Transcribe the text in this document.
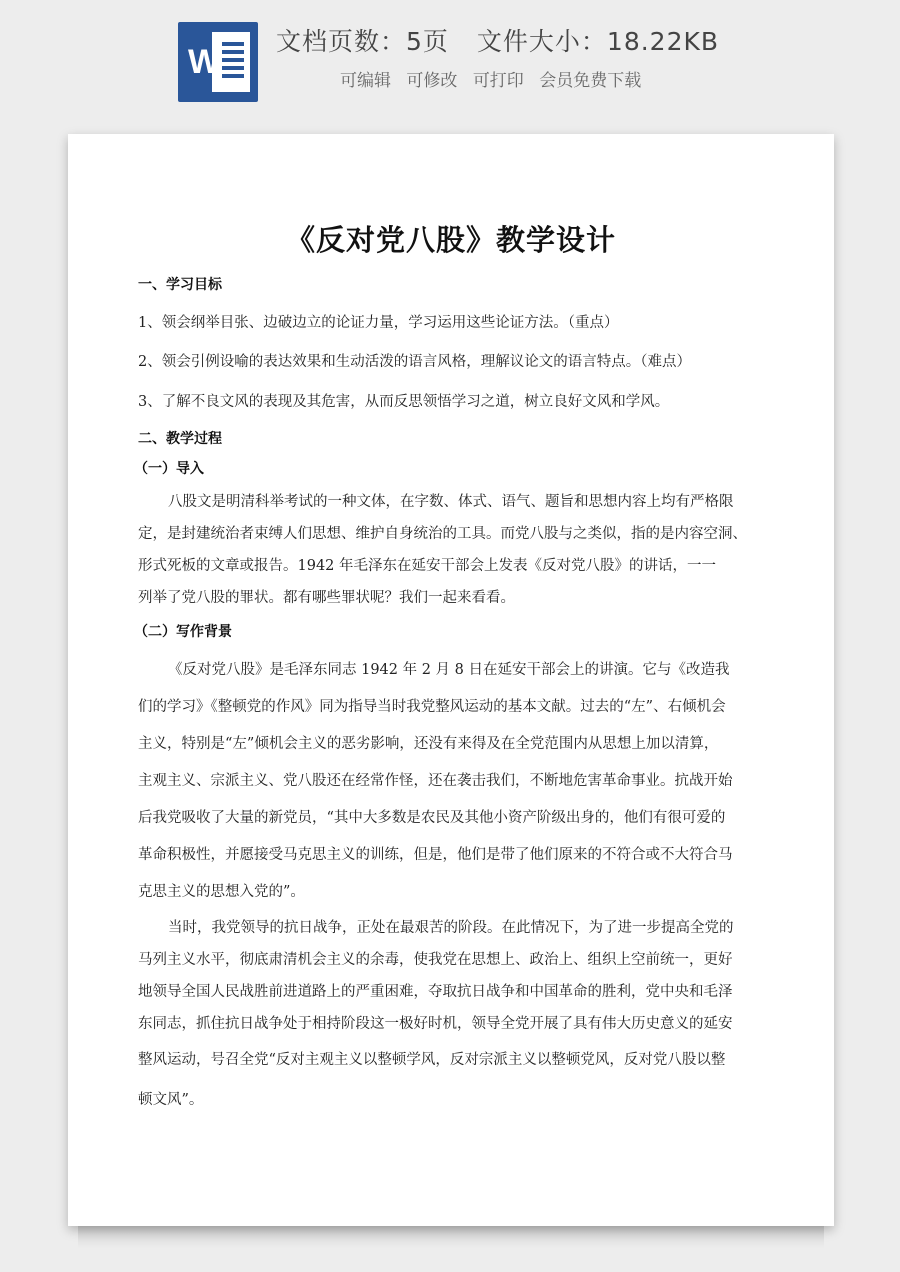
W
文档页数：5页 文件大小：18.22KB
可编辑 可修改 可打印 会员免费下载
《反对党八股》教学设计
一、学习目标
1、领会纲举目张、边破边立的论证力量，学习运用这些论证方法。（重点）
2、领会引例设喻的表达效果和生动活泼的语言风格，理解议论文的语言特点。（难点）
3、了解不良文风的表现及其危害，从而反思领悟学习之道，树立良好文风和学风。
二、教学过程
（一）导入
八股文是明清科举考试的一种文体，在字数、体式、语气、题旨和思想内容上均有严格限
定，是封建统治者束缚人们思想、维护自身统治的工具。而党八股与之类似，指的是内容空洞、
形式死板的文章或报告。1942 年毛泽东在延安干部会上发表《反对党八股》的讲话，一一
列举了党八股的罪状。都有哪些罪状呢？我们一起来看看。
（二）写作背景
《反对党八股》是毛泽东同志 1942 年 2 月 8 日在延安干部会上的讲演。它与《改造我
们的学习》《整顿党的作风》同为指导当时我党整风运动的基本文献。过去的“左”、右倾机会
主义，特别是“左”倾机会主义的恶劣影响，还没有来得及在全党范围内从思想上加以清算，
主观主义、宗派主义、党八股还在经常作怪，还在袭击我们，不断地危害革命事业。抗战开始
后我党吸收了大量的新党员，“其中大多数是农民及其他小资产阶级出身的，他们有很可爱的
革命积极性，并愿接受马克思主义的训练，但是，他们是带了他们原来的不符合或不大符合马
克思主义的思想入党的”。
当时，我党领导的抗日战争，正处在最艰苦的阶段。在此情况下，为了进一步提高全党的
马列主义水平，彻底肃清机会主义的余毒，使我党在思想上、政治上、组织上空前统一，更好
地领导全国人民战胜前进道路上的严重困难，夺取抗日战争和中国革命的胜利，党中央和毛泽
东同志，抓住抗日战争处于相持阶段这一极好时机，领导全党开展了具有伟大历史意义的延安
整风运动，号召全党“反对主观主义以整顿学风，反对宗派主义以整顿党风，反对党八股以整
顿文风”。
